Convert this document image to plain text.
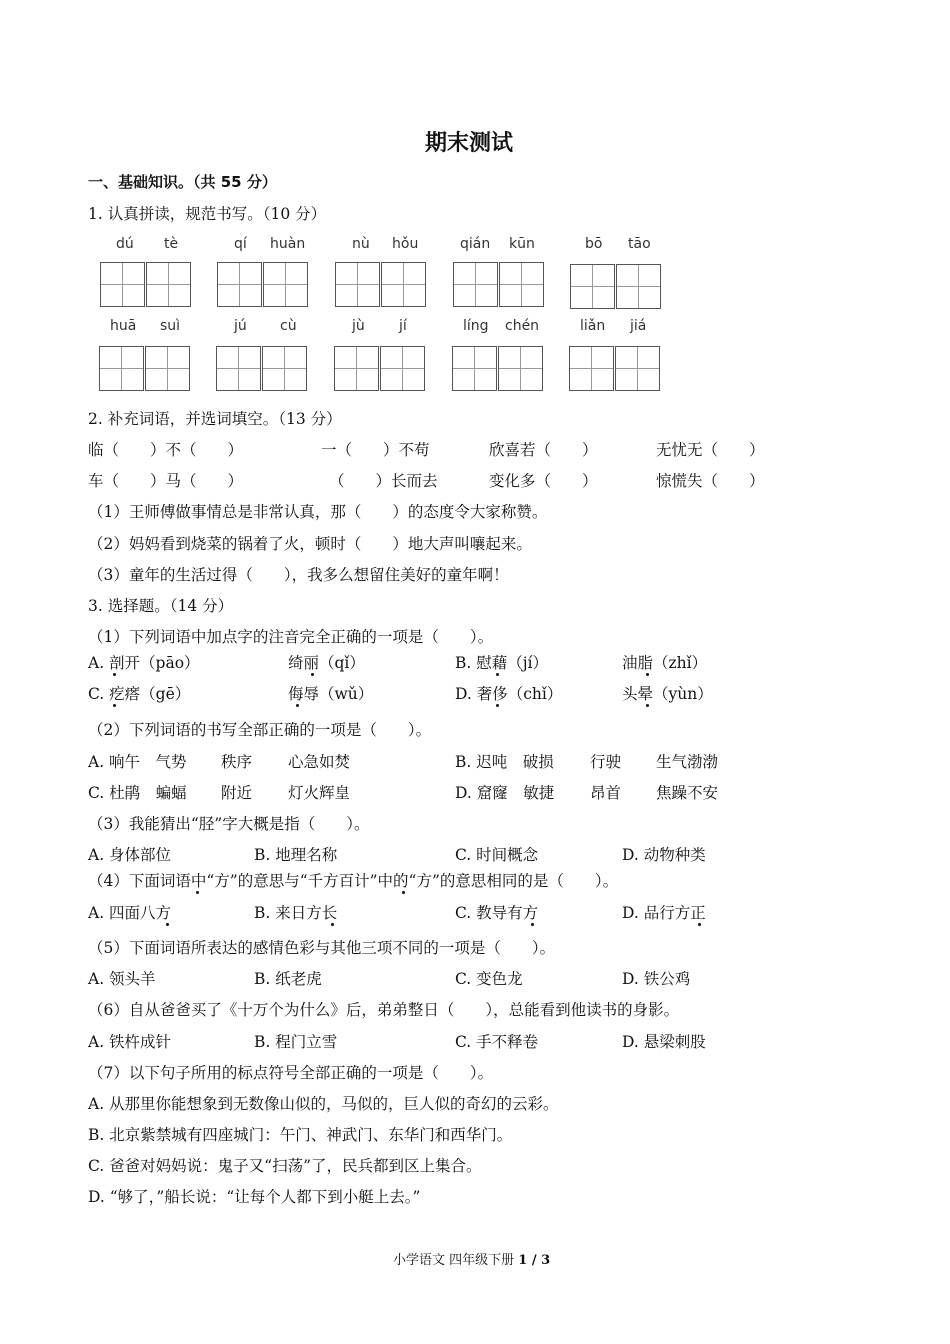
期末测试
一、基础知识。（共 55 分）
1. 认真拼读，规范书写。（10 分）
dú tè	qí huàn	nù hǒu	qián kūn	bō tāo
huā suì	jú cù	jù jí	líng chén	liǎn jiá
2. 补充词语，并选词填空。（13 分）
临（　　）不（　　）	一（　　）不苟	欣喜若（　　）	无忧无（　　）
车（　　）马（　　）	（　　）长而去	变化多（　　）	惊慌失（　　）
（1）王师傅做事情总是非常认真，那（　　）的态度令大家称赞。
（2）妈妈看到烧菜的锅着了火，顿时（　　）地大声叫嚷起来。
（3）童年的生活过得（　　），我多么想留住美好的童年啊！
3. 选择题。（14 分）
（1）下列词语中加点字的注音完全正确的一项是（　　）。
A. 剖开（pāo）	绮丽（qǐ）	B. 慰藉（jí）	油脂（zhǐ）
C. 疙瘩（gē）	侮辱（wǔ）	D. 奢侈（chǐ）	头晕（yùn）
（2）下列词语的书写全部正确的一项是（　　）。
A. 响午　气势 秩序 心急如焚	B. 迟吨　破损 行驶 生气渤渤
C. 杜鹃　蝙蝠 附近 灯火辉皇	D. 窟窿　敏捷 昂首 焦躁不安
（3）我能猜出“胫”字大概是指（　　）。
A. 身体部位	B. 地理名称	C. 时间概念	D. 动物种类
（4）下面词语中“方”的意思与“千方百计”中的“方”的意思相同的是（　　）。
A. 四面八方	B. 来日方长	C. 教导有方	D. 品行方正
（5）下面词语所表达的感情色彩与其他三项不同的一项是（　　）。
A. 领头羊	B. 纸老虎	C. 变色龙	D. 铁公鸡
（6）自从爸爸买了《十万个为什么》后，弟弟整日（　　），总能看到他读书的身影。
A. 铁杵成针	B. 程门立雪	C. 手不释卷	D. 悬梁刺股
（7）以下句子所用的标点符号全部正确的一项是（　　）。
A. 从那里你能想象到无数像山似的，马似的，巨人似的奇幻的云彩。
B. 北京紫禁城有四座城门：午门、神武门、东华门和西华门。
C. 爸爸对妈妈说：鬼子又“扫荡”了，民兵都到区上集合。
D. “够了，”船长说：“让每个人都下到小艇上去。”
小学语文 四年级下册 1 / 3
